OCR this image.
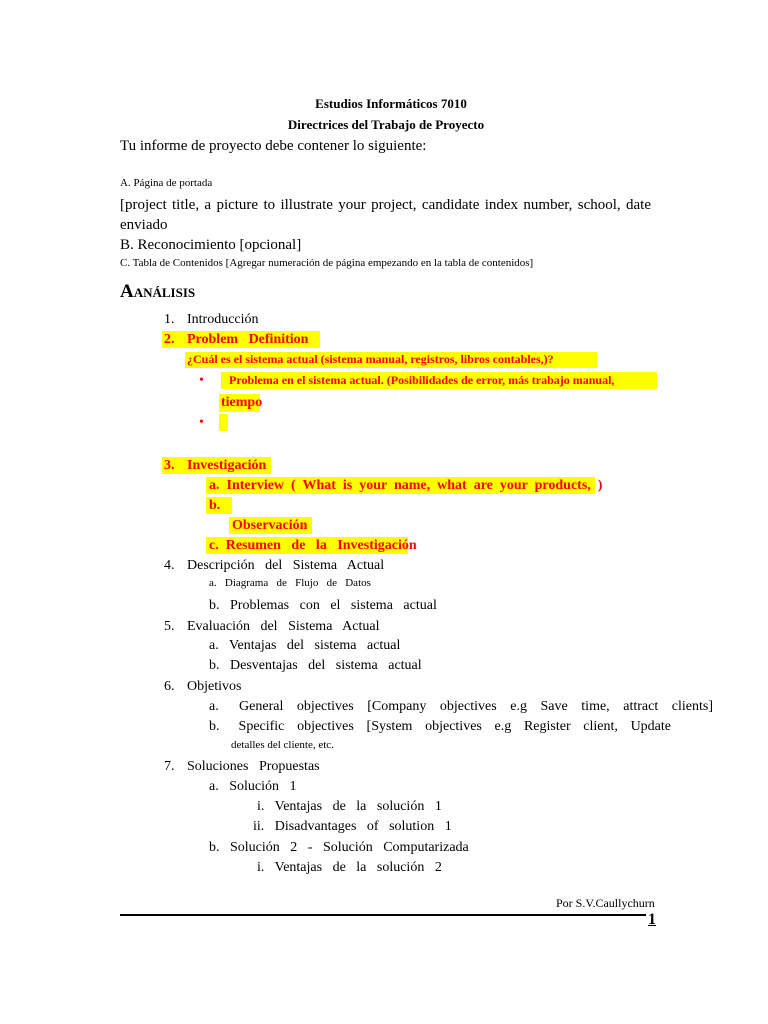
Estudios Informáticos 7010
Directrices del Trabajo de Proyecto
Tu informe de proyecto debe contener lo siguiente:
A. Página de portada
[project title, a picture to illustrate your project, candidate index number, school, date
enviado
B. Reconocimiento [opcional]
C. Tabla de Contenidos [Agregar numeración de página empezando en la tabla de contenidos]
Aanálisis
1. Introducción
2. Problem   Definition
¿Cuál es el sistema actual (sistema manual, registros, libros contables,)?
• Problema en el sistema actual. (Posibilidades de error, más trabajo manual,
tiempo
•
3. Investigación
a.  Interview  (  What  is  your  name,  what  are  your  products,  )
b.
Observación
c.  Resumen   de   la   Investigación
4. Descripción   del   Sistema   Actual
a.   Diagrama   de   Flujo   de   Datos
b.   Problemas   con   el   sistema   actual
5. Evaluación   del   Sistema   Actual
a.   Ventajas   del   sistema   actual
b.   Desventajas   del   sistema   actual
6. Objetivos
a.   General  objectives  [Company  objectives  e.g  Save  time,  attract  clients]
b.   Specific  objectives  [System  objectives  e.g  Register  client,  Update
detalles del cliente, etc.
7. Soluciones   Propuestas
a.   Solución   1
i.   Ventajas   de   la   solución   1
ii.   Disadvantages   of   solution   1
b.   Solución   2   -   Solución   Computarizada
i.   Ventajas   de   la   solución   2
Por S.V.Caullychurn
1
